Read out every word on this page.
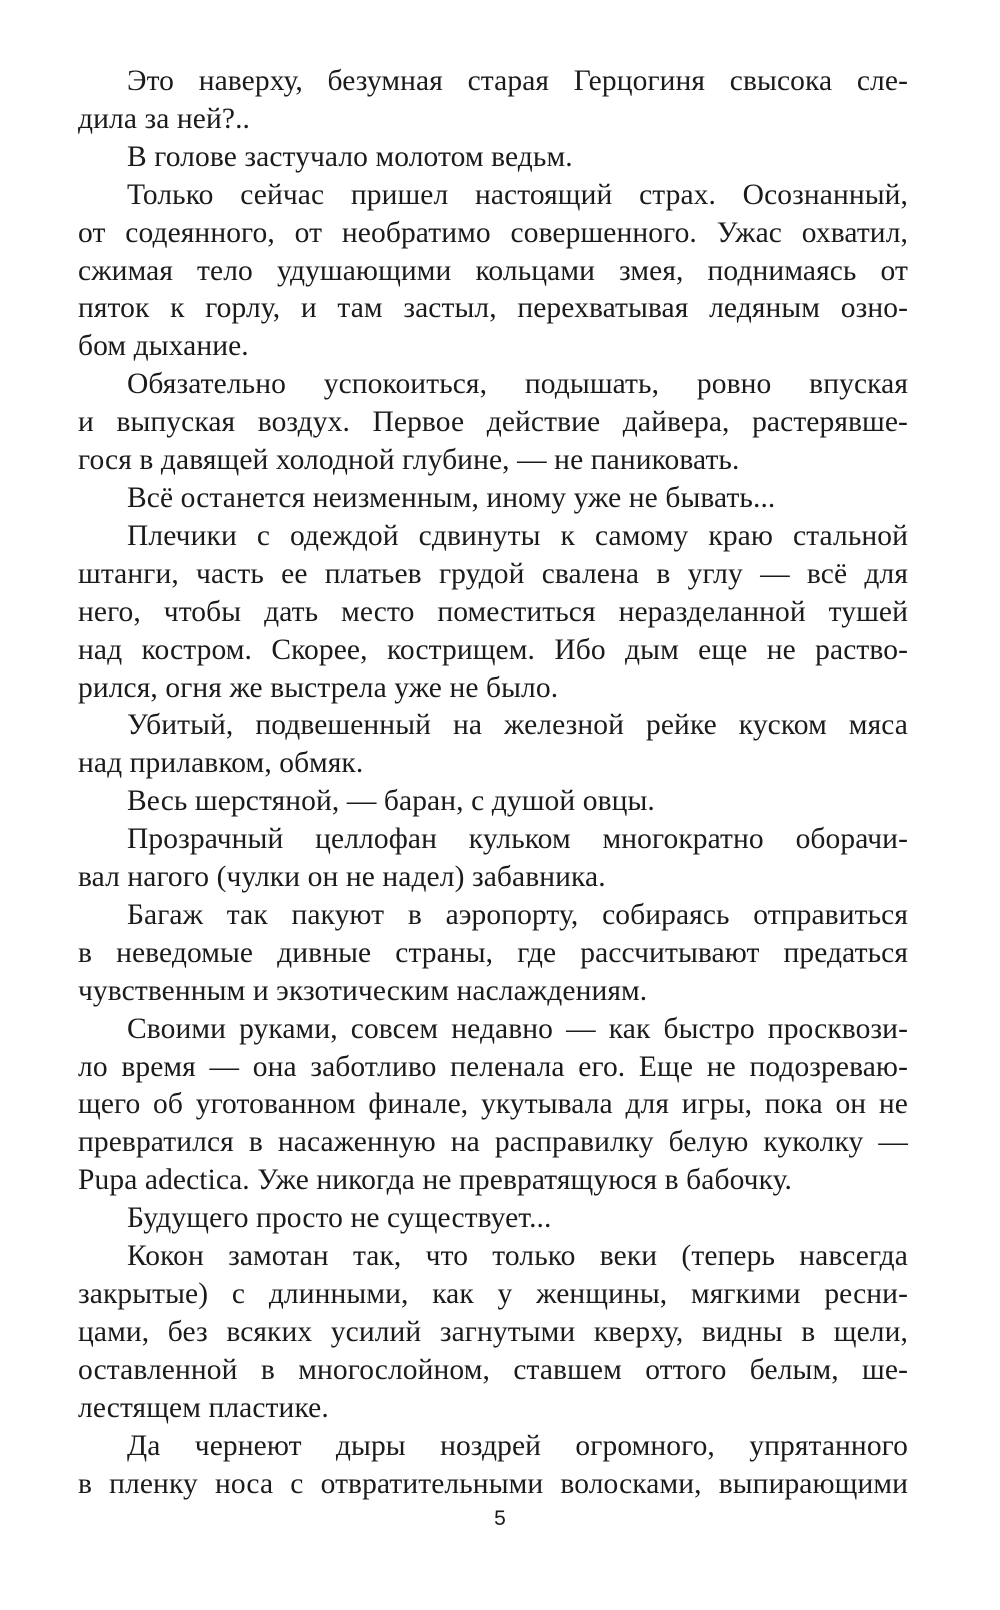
Это наверху, безумная старая Герцогиня свысока сле-
дила за ней?..
В голове застучало молотом ведьм.
Только сейчас пришел настоящий страх. Осознанный,
от содеянного, от необратимо совершенного. Ужас охватил,
сжимая тело удушающими кольцами змея, поднимаясь от
пяток к горлу, и там застыл, перехватывая ледяным озно-
бом дыхание.
Обязательно успокоиться, подышать, ровно впуская
и выпуская воздух. Первое действие дайвера, растерявше-
гося в давящей холодной глубине, — не паниковать.
Всё останется неизменным, иному уже не бывать...
Плечики с одеждой сдвинуты к самому краю стальной
штанги, часть ее платьев грудой свалена в углу — всё для
него, чтобы дать место поместиться неразделанной тушей
над костром. Скорее, кострищем. Ибо дым еще не раство-
рился, огня же выстрела уже не было.
Убитый, подвешенный на железной рейке куском мяса
над прилавком, обмяк.
Весь шерстяной, — баран, с душой овцы.
Прозрачный целлофан кульком многократно оборачи-
вал нагого (чулки он не надел) забавника.
Багаж так пакуют в аэропорту, собираясь отправиться
в неведомые дивные страны, где рассчитывают предаться
чувственным и экзотическим наслаждениям.
Своими руками, совсем недавно — как быстро просквози-
ло время — она заботливо пеленала его. Еще не подозреваю-
щего об уготованном финале, укутывала для игры, пока он не
превратился в насаженную на расправилку белую куколку —
Pupa adectica. Уже никогда не превратящуюся в бабочку.
Будущего просто не существует...
Кокон замотан так, что только веки (теперь навсегда
закрытые) с длинными, как у женщины, мягкими ресни-
цами, без всяких усилий загнутыми кверху, видны в щели,
оставленной в многослойном, ставшем оттого белым, ше-
лестящем пластике.
Да чернеют дыры ноздрей огромного, упрятанного
в пленку носа с отвратительными волосками, выпирающими
5
